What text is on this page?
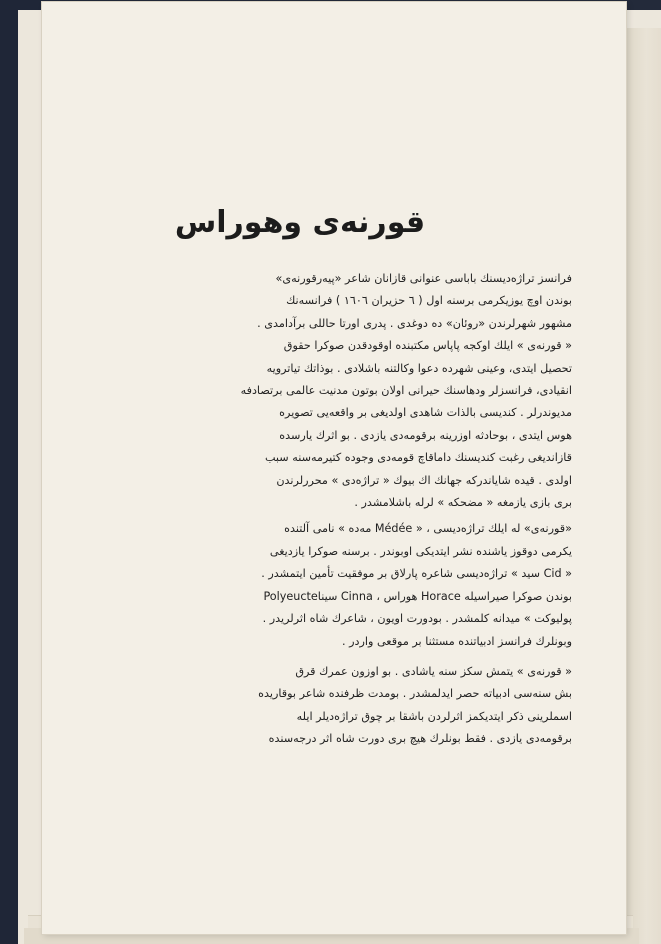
قورنەی وهوراس

فرانسز تراژەدیسنك باباسی عنوانی قازانان شاعر «پیەرقورنەی»
بوندن اوچ یوزیكرمی برسنە اول ( ٦ حزیران ١٦٠٦ ) فرانسەنك
مشهور شهرلرندن «روئان» دە دوغدی . پدری اورتا حاللی برآدامدی .
« قورنەی » ایلك اوكجە پاپاس مكتبندە اوقودقدن صوكرا حقوق
تحصیل ایتدی، وعینی شهردە دعوا وكالتنە باشلادی . بوذاتك تیاترویە
انقیادی، فرانسزلر ودهاسنك حیرانی اولان بوتون مدنیت عالمی برتصادفە
مدیوندرلر . كندیسی بالذات شاهدی اولدیغی بر واقعەیی تصویرە
هوس ایتدی ، بوحادثە اوزرینە برقومەدی یازدی . بو اثرك یارسدە
قازاندیغی رغبت كندیسنك داماقاچ قومەدی وجودە كتیرمەسنە سبب
اولدی . قیدە شایاندركە جهانك اك بیوك « تراژەدی » محررلرندن
بری بازی یازمغە « مضحكە » لرلە باشلامشدر .

«قورنەی» لە ایلك تراژەدیسی ، « Médée مەدە » نامی آلتندە
یكرمی دوقوز یاشندە نشر ایتدیكی اوبوندر . برسنە صوكرا یازدیغی
« Cid سید » تراژەدیسی شاعرە پارلاق بر موفقیت تأمین ایتمشدر .
بوندن صوكرا صیراسیلە Horace هوراس ، Cinna سیناPolyeucte
پولیوكت » میدانە كلمشدر . بودورت اویون ، شاعرك شاە اثرلریدر .
وبونلرك فرانسز ادبیاتندە مستثنا بر موقعی واردر .

« قورنەی » یتمش سكز سنە یاشادی . بو اوزون عمرك قرق
بش سنەسی ادبیاتە حصر ایدلمشدر . بومدت ظرفندە شاعر بوقاریدە
اسملرینی ذكر ایتدیكمز اثرلردن باشقا بر چوق تراژەدیلر ایلە
برقومەدی یازدی . فقط بونلرك هیچ بری دورت شاە اثر درجەسندە
